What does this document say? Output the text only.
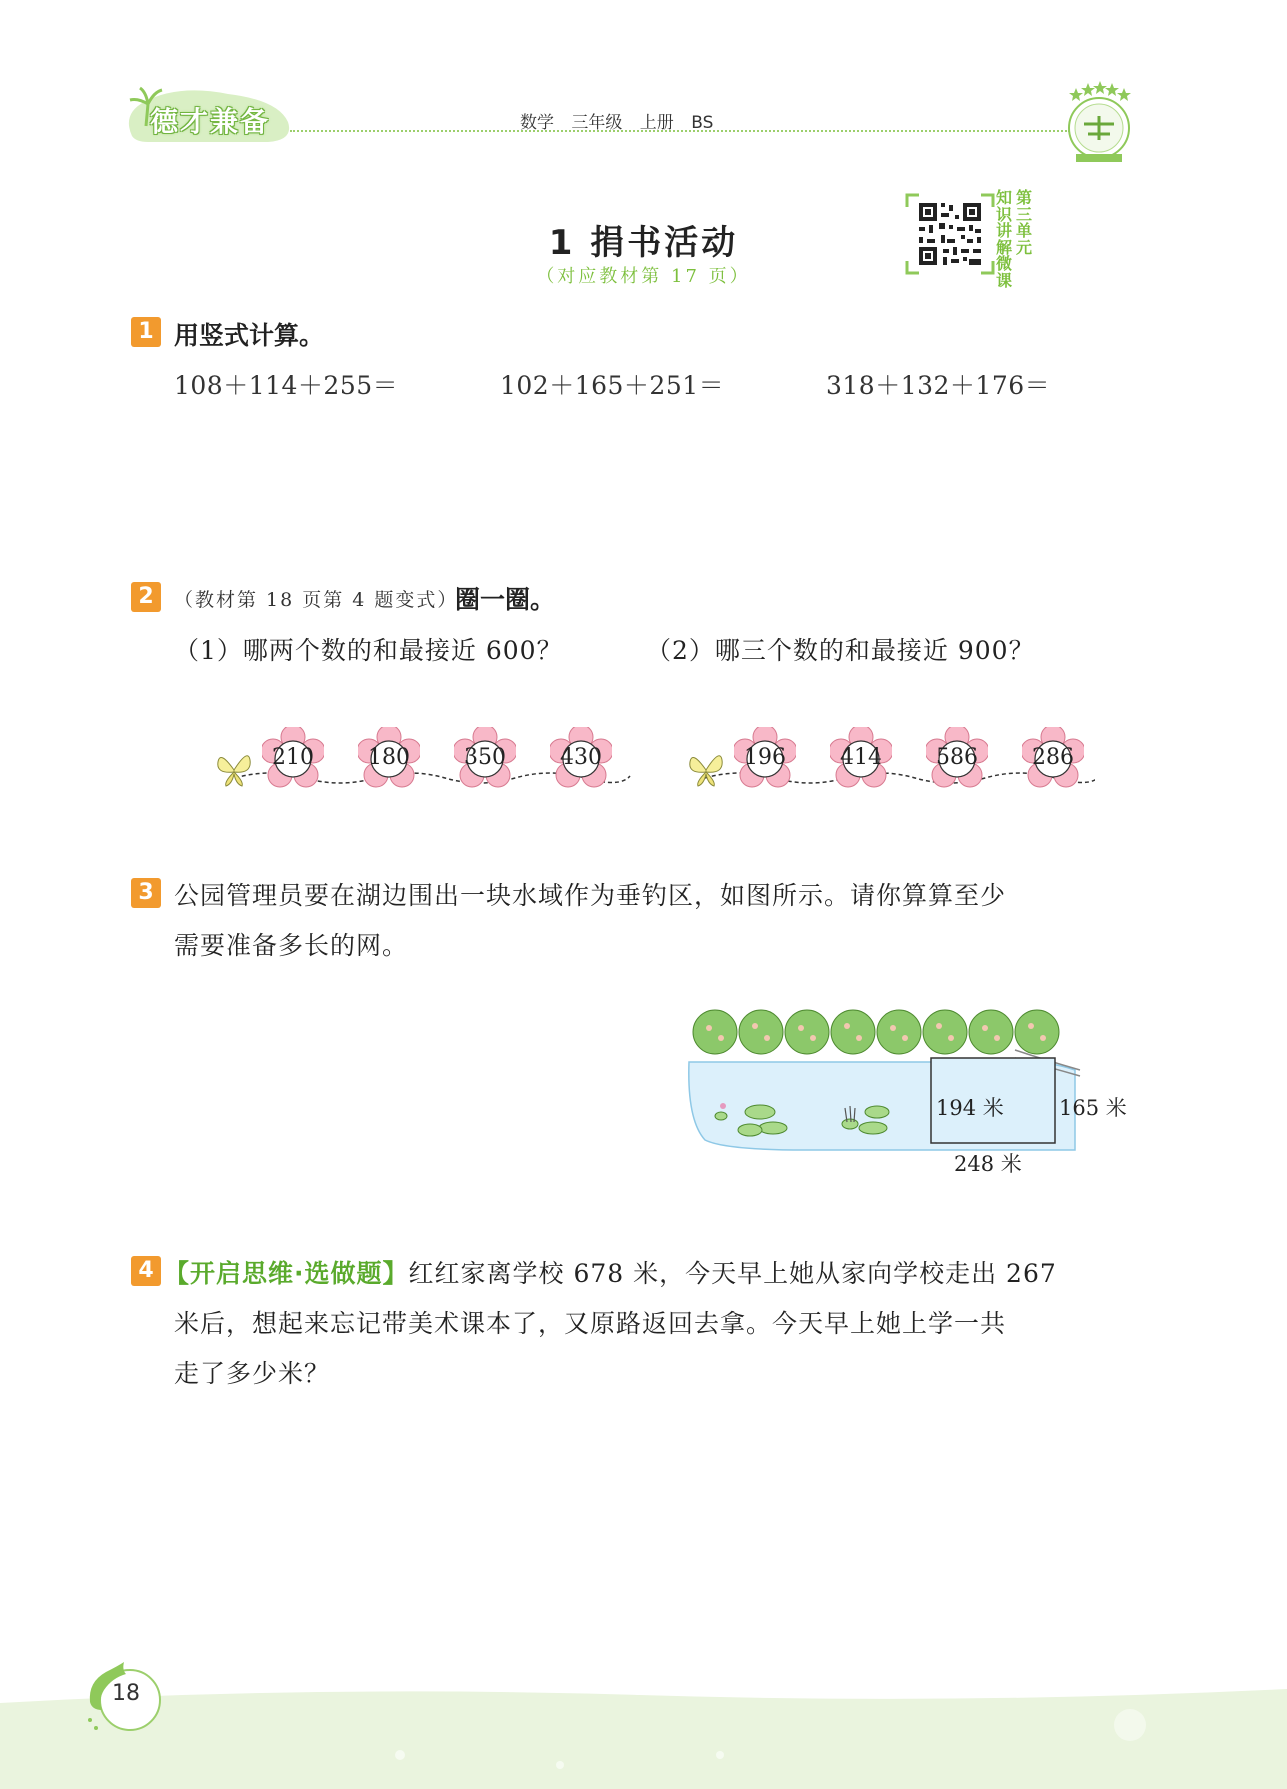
德才兼备	数学 三年级 上册 BS
1 捐书活动
（对应教材第 17 页）
知识讲解微课
第三单元
1 用竖式计算。
108＋114＋255＝	102＋165＋251＝	318＋132＋176＝
2	（教材第 18 页第 4 题变式）
圈一圈。
（1）哪两个数的和最接近 600？	（2）哪三个数的和最接近 900？
210	180	350	430	196	414	586	286
3 公园管理员要在湖边围出一块水域作为垂钓区，如图所示。请你算算至少
需要准备多长的网。
194 米	165 米
248 米
4 【开启思维·选做题】红红家离学校 678 米，今天早上她从家向学校走出 267
米后，想起来忘记带美术课本了，又原路返回去拿。今天早上她上学一共
走了多少米？
18
